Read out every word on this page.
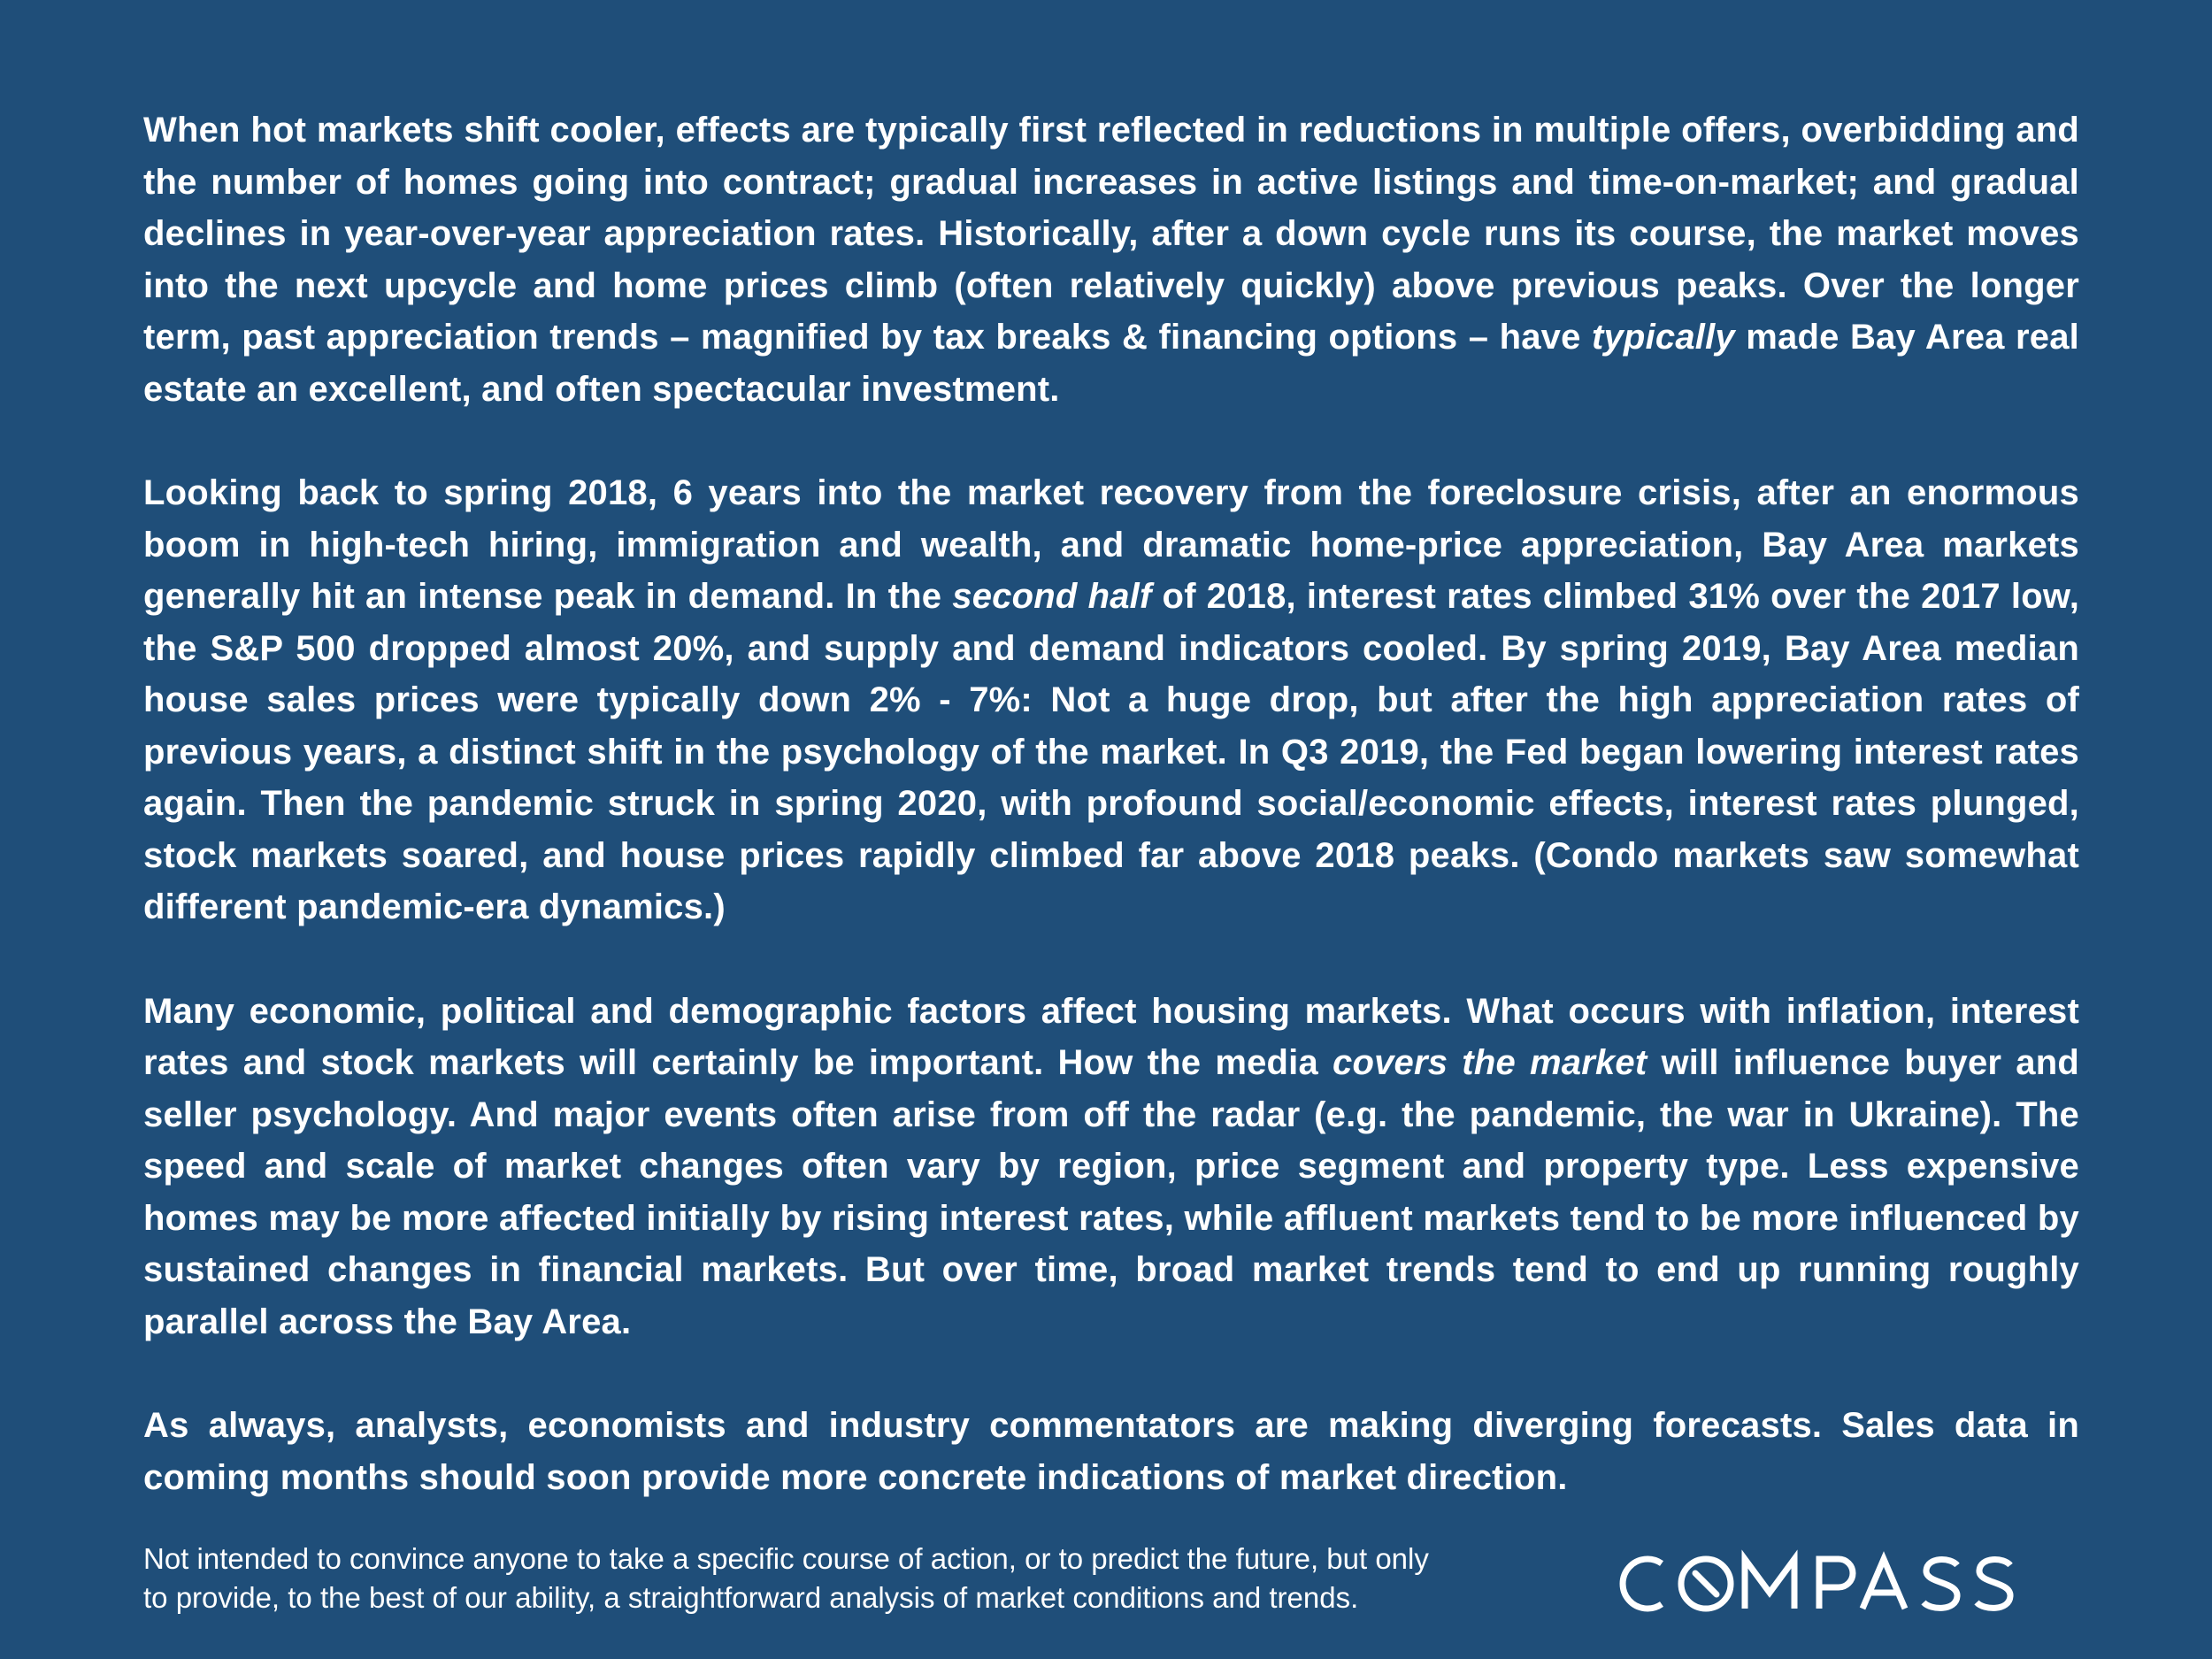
When hot markets shift cooler, effects are typically first reflected in reductions in multiple offers, overbidding and the number of homes going into contract; gradual increases in active listings and time-on-market; and gradual declines in year-over-year appreciation rates. Historically, after a down cycle runs its course, the market moves into the next upcycle and home prices climb (often relatively quickly) above previous peaks. Over the longer term, past appreciation trends – magnified by tax breaks & financing options – have typically made Bay Area real estate an excellent, and often spectacular investment.

Looking back to spring 2018, 6 years into the market recovery from the foreclosure crisis, after an enormous boom in high-tech hiring, immigration and wealth, and dramatic home-price appreciation, Bay Area markets generally hit an intense peak in demand. In the second half of 2018, interest rates climbed 31% over the 2017 low, the S&P 500 dropped almost 20%, and supply and demand indicators cooled. By spring 2019, Bay Area median house sales prices were typically down 2% - 7%: Not a huge drop, but after the high appreciation rates of previous years, a distinct shift in the psychology of the market. In Q3 2019, the Fed began lowering interest rates again. Then the pandemic struck in spring 2020, with profound social/economic effects, interest rates plunged, stock markets soared, and house prices rapidly climbed far above 2018 peaks. (Condo markets saw somewhat different pandemic-era dynamics.)

Many economic, political and demographic factors affect housing markets. What occurs with inflation, interest rates and stock markets will certainly be important. How the media covers the market will influence buyer and seller psychology. And major events often arise from off the radar (e.g. the pandemic, the war in Ukraine). The speed and scale of market changes often vary by region, price segment and property type. Less expensive homes may be more affected initially by rising interest rates, while affluent markets tend to be more influenced by sustained changes in financial markets. But over time, broad market trends tend to end up running roughly parallel across the Bay Area.

As always, analysts, economists and industry commentators are making diverging forecasts. Sales data in coming months should soon provide more concrete indications of market direction.

Not intended to convince anyone to take a specific course of action, or to predict the future, but only

to provide, to the best of our ability, a straightforward analysis of market conditions and trends.
